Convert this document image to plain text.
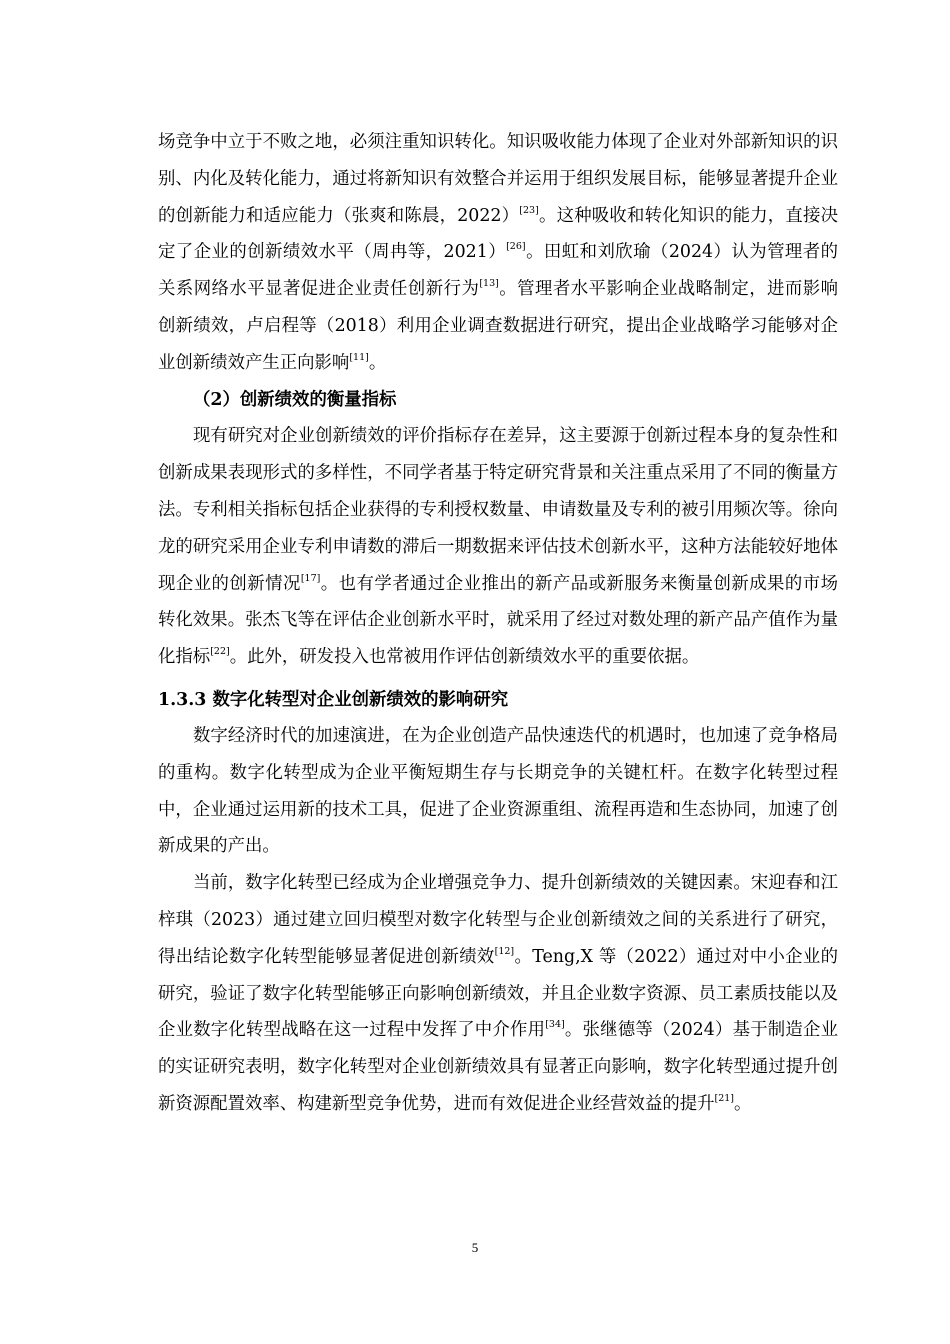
场竞争中立于不败之地，必须注重知识转化。知识吸收能力体现了企业对外部新知识的识别、内化及转化能力，通过将新知识有效整合并运用于组织发展目标，能够显著提升企业的创新能力和适应能力（张爽和陈晨，2022）[23]。这种吸收和转化知识的能力，直接决定了企业的创新绩效水平（周冉等，2021）[26]。田虹和刘欣瑜（2024）认为管理者的关系网络水平显著促进企业责任创新行为[13]。管理者水平影响企业战略制定，进而影响创新绩效，卢启程等（2018）利用企业调查数据进行研究，提出企业战略学习能够对企业创新绩效产生正向影响[11]。

（2）创新绩效的衡量指标

现有研究对企业创新绩效的评价指标存在差异，这主要源于创新过程本身的复杂性和创新成果表现形式的多样性，不同学者基于特定研究背景和关注重点采用了不同的衡量方法。专利相关指标包括企业获得的专利授权数量、申请数量及专利的被引用频次等。徐向龙的研究采用企业专利申请数的滞后一期数据来评估技术创新水平，这种方法能较好地体现企业的创新情况[17]。也有学者通过企业推出的新产品或新服务来衡量创新成果的市场转化效果。张杰飞等在评估企业创新水平时，就采用了经过对数处理的新产品产值作为量化指标[22]。此外，研发投入也常被用作评估创新绩效水平的重要依据。

1.3.3 数字化转型对企业创新绩效的影响研究

数字经济时代的加速演进，在为企业创造产品快速迭代的机遇时，也加速了竞争格局的重构。数字化转型成为企业平衡短期生存与长期竞争的关键杠杆。在数字化转型过程中，企业通过运用新的技术工具，促进了企业资源重组、流程再造和生态协同，加速了创新成果的产出。

当前，数字化转型已经成为企业增强竞争力、提升创新绩效的关键因素。宋迎春和江梓琪（2023）通过建立回归模型对数字化转型与企业创新绩效之间的关系进行了研究，得出结论数字化转型能够显著促进创新绩效[12]。Teng,X 等（2022）通过对中小企业的研究，验证了数字化转型能够正向影响创新绩效，并且企业数字资源、员工素质技能以及企业数字化转型战略在这一过程中发挥了中介作用[34]。张继德等（2024）基于制造企业的实证研究表明，数字化转型对企业创新绩效具有显著正向影响，数字化转型通过提升创新资源配置效率、构建新型竞争优势，进而有效促进企业经营效益的提升[21]。

5
